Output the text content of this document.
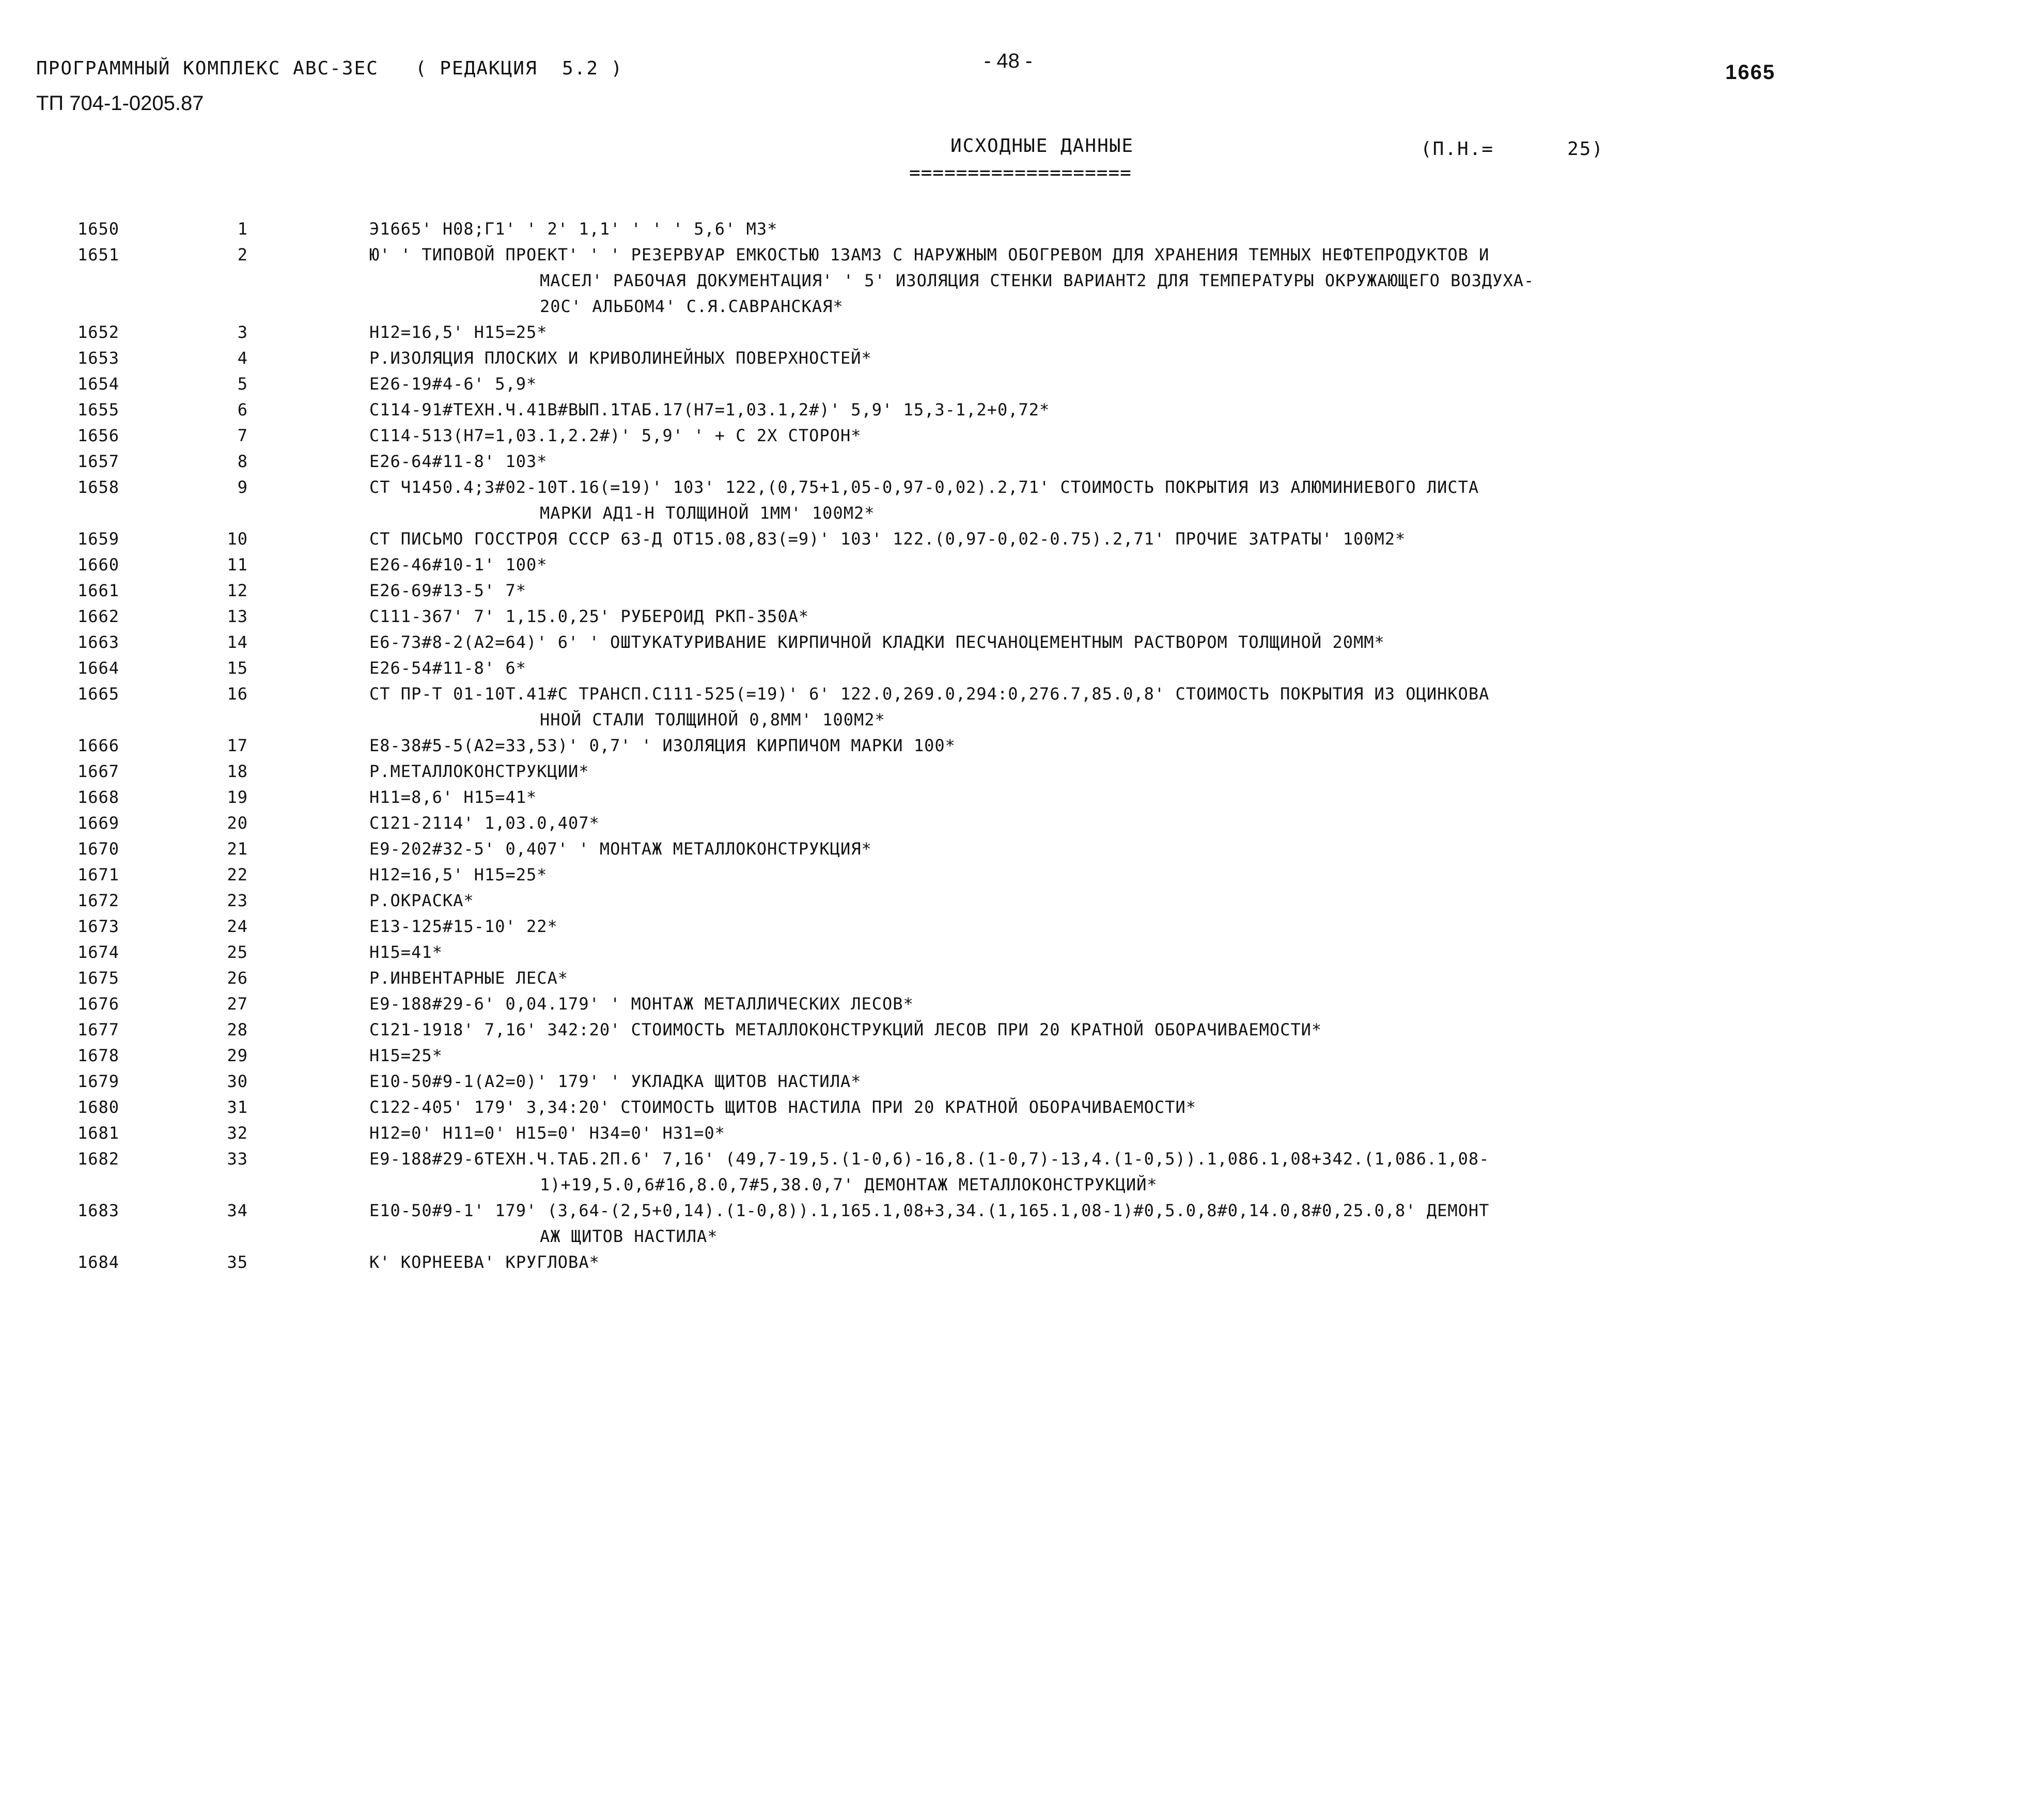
ПРОГРАММНЫЙ КОМПЛЕКС АВС-3ЕС   ( РЕДАКЦИЯ  5.2 )
ТП 704-1-0205.87
- 48 -	1665
ИСХОДНЫЕ ДАННЫЕ	(П.Н.=      25)
===================
1650	1	Э1665' Н08;Г1' ' 2' 1,1' ' ' ' 5,6' М3*
1651	2	Ю' ' ТИПОВОЙ ПРОЕКТ' ' ' РЕЗЕРВУАР ЕМКОСТЬЮ 1ЗАМ3 С НАРУЖНЫМ ОБОГРЕВОМ ДЛЯ ХРАНЕНИЯ ТЕМНЫХ НЕФТЕПРОДУКТОВ И
МАСЕЛ' РАБОЧАЯ ДОКУМЕНТАЦИЯ' ' 5' ИЗОЛЯЦИЯ СТЕНКИ ВАРИАНТ2 ДЛЯ ТЕМПЕРАТУРЫ ОКРУЖАЮЩЕГО ВОЗДУХА-
20С' АЛЬБОМ4' С.Я.САВРАНСКАЯ*
1652	3	Н12=16,5' Н15=25*
1653	4	Р.ИЗОЛЯЦИЯ ПЛОСКИХ И КРИВОЛИНЕЙНЫХ ПОВЕРХНОСТЕЙ*
1654	5	Е26-19#4-6' 5,9*
1655	6	С114-91#ТЕХН.Ч.41В#ВЫП.1ТАБ.17(Н7=1,03.1,2#)' 5,9' 15,3-1,2+0,72*
1656	7	С114-513(Н7=1,03.1,2.2#)' 5,9' ' + С 2Х СТОРОН*
1657	8	Е26-64#11-8' 103*
1658	9	СТ Ч1450.4;3#02-10Т.16(=19)' 103' 122,(0,75+1,05-0,97-0,02).2,71' СТОИМОСТЬ ПОКРЫТИЯ ИЗ АЛЮМИНИЕВОГО ЛИСТА
МАРКИ АД1-Н ТОЛЩИНОЙ 1ММ' 100М2*
1659	10	СТ ПИСЬМО ГОССТРОЯ СССР 63-Д ОТ15.08,83(=9)' 103' 122.(0,97-0,02-0.75).2,71' ПРОЧИЕ ЗАТРАТЫ' 100М2*
1660	11	Е26-46#10-1' 100*
1661	12	Е26-69#13-5' 7*
1662	13	С111-367' 7' 1,15.0,25' РУБЕРОИД РКП-350А*
1663	14	Е6-73#8-2(А2=64)' 6' ' ОШТУКАТУРИВАНИЕ КИРПИЧНОЙ КЛАДКИ ПЕСЧАНОЦЕМЕНТНЫМ РАСТВОРОМ ТОЛЩИНОЙ 20ММ*
1664	15	Е26-54#11-8' 6*
1665	16	СТ ПР-Т 01-10Т.41#С ТРАНСП.С111-525(=19)' 6' 122.0,269.0,294:0,276.7,85.0,8' СТОИМОСТЬ ПОКРЫТИЯ ИЗ ОЦИНКОВА
ННОЙ СТАЛИ ТОЛЩИНОЙ 0,8ММ' 100М2*
1666	17	Е8-38#5-5(А2=33,53)' 0,7' ' ИЗОЛЯЦИЯ КИРПИЧОМ МАРКИ 100*
1667	18	Р.МЕТАЛЛОКОНСТРУКЦИИ*
1668	19	Н11=8,6' Н15=41*
1669	20	С121-2114' 1,03.0,407*
1670	21	Е9-202#32-5' 0,407' ' МОНТАЖ МЕТАЛЛОКОНСТРУКЦИЯ*
1671	22	Н12=16,5' Н15=25*
1672	23	Р.ОКРАСКА*
1673	24	Е13-125#15-10' 22*
1674	25	Н15=41*
1675	26	Р.ИНВЕНТАРНЫЕ ЛЕСА*
1676	27	Е9-188#29-6' 0,04.179' ' МОНТАЖ МЕТАЛЛИЧЕСКИХ ЛЕСОВ*
1677	28	С121-1918' 7,16' 342:20' СТОИМОСТЬ МЕТАЛЛОКОНСТРУКЦИЙ ЛЕСОВ ПРИ 20 КРАТНОЙ ОБОРАЧИВАЕМОСТИ*
1678	29	Н15=25*
1679	30	Е10-50#9-1(А2=0)' 179' ' УКЛАДКА ЩИТОВ НАСТИЛА*
1680	31	С122-405' 179' 3,34:20' СТОИМОСТЬ ЩИТОВ НАСТИЛА ПРИ 20 КРАТНОЙ ОБОРАЧИВАЕМОСТИ*
1681	32	Н12=0' Н11=0' Н15=0' Н34=0' Н31=0*
1682	33	Е9-188#29-6ТЕХН.Ч.ТАБ.2П.6' 7,16' (49,7-19,5.(1-0,6)-16,8.(1-0,7)-13,4.(1-0,5)).1,086.1,08+342.(1,086.1,08-
1)+19,5.0,6#16,8.0,7#5,38.0,7' ДЕМОНТАЖ МЕТАЛЛОКОНСТРУКЦИЙ*
1683	34	Е10-50#9-1' 179' (3,64-(2,5+0,14).(1-0,8)).1,165.1,08+3,34.(1,165.1,08-1)#0,5.0,8#0,14.0,8#0,25.0,8' ДЕМОНТ
АЖ ЩИТОВ НАСТИЛА*
1684	35	К' КОРНЕЕВА' КРУГЛОВА*
